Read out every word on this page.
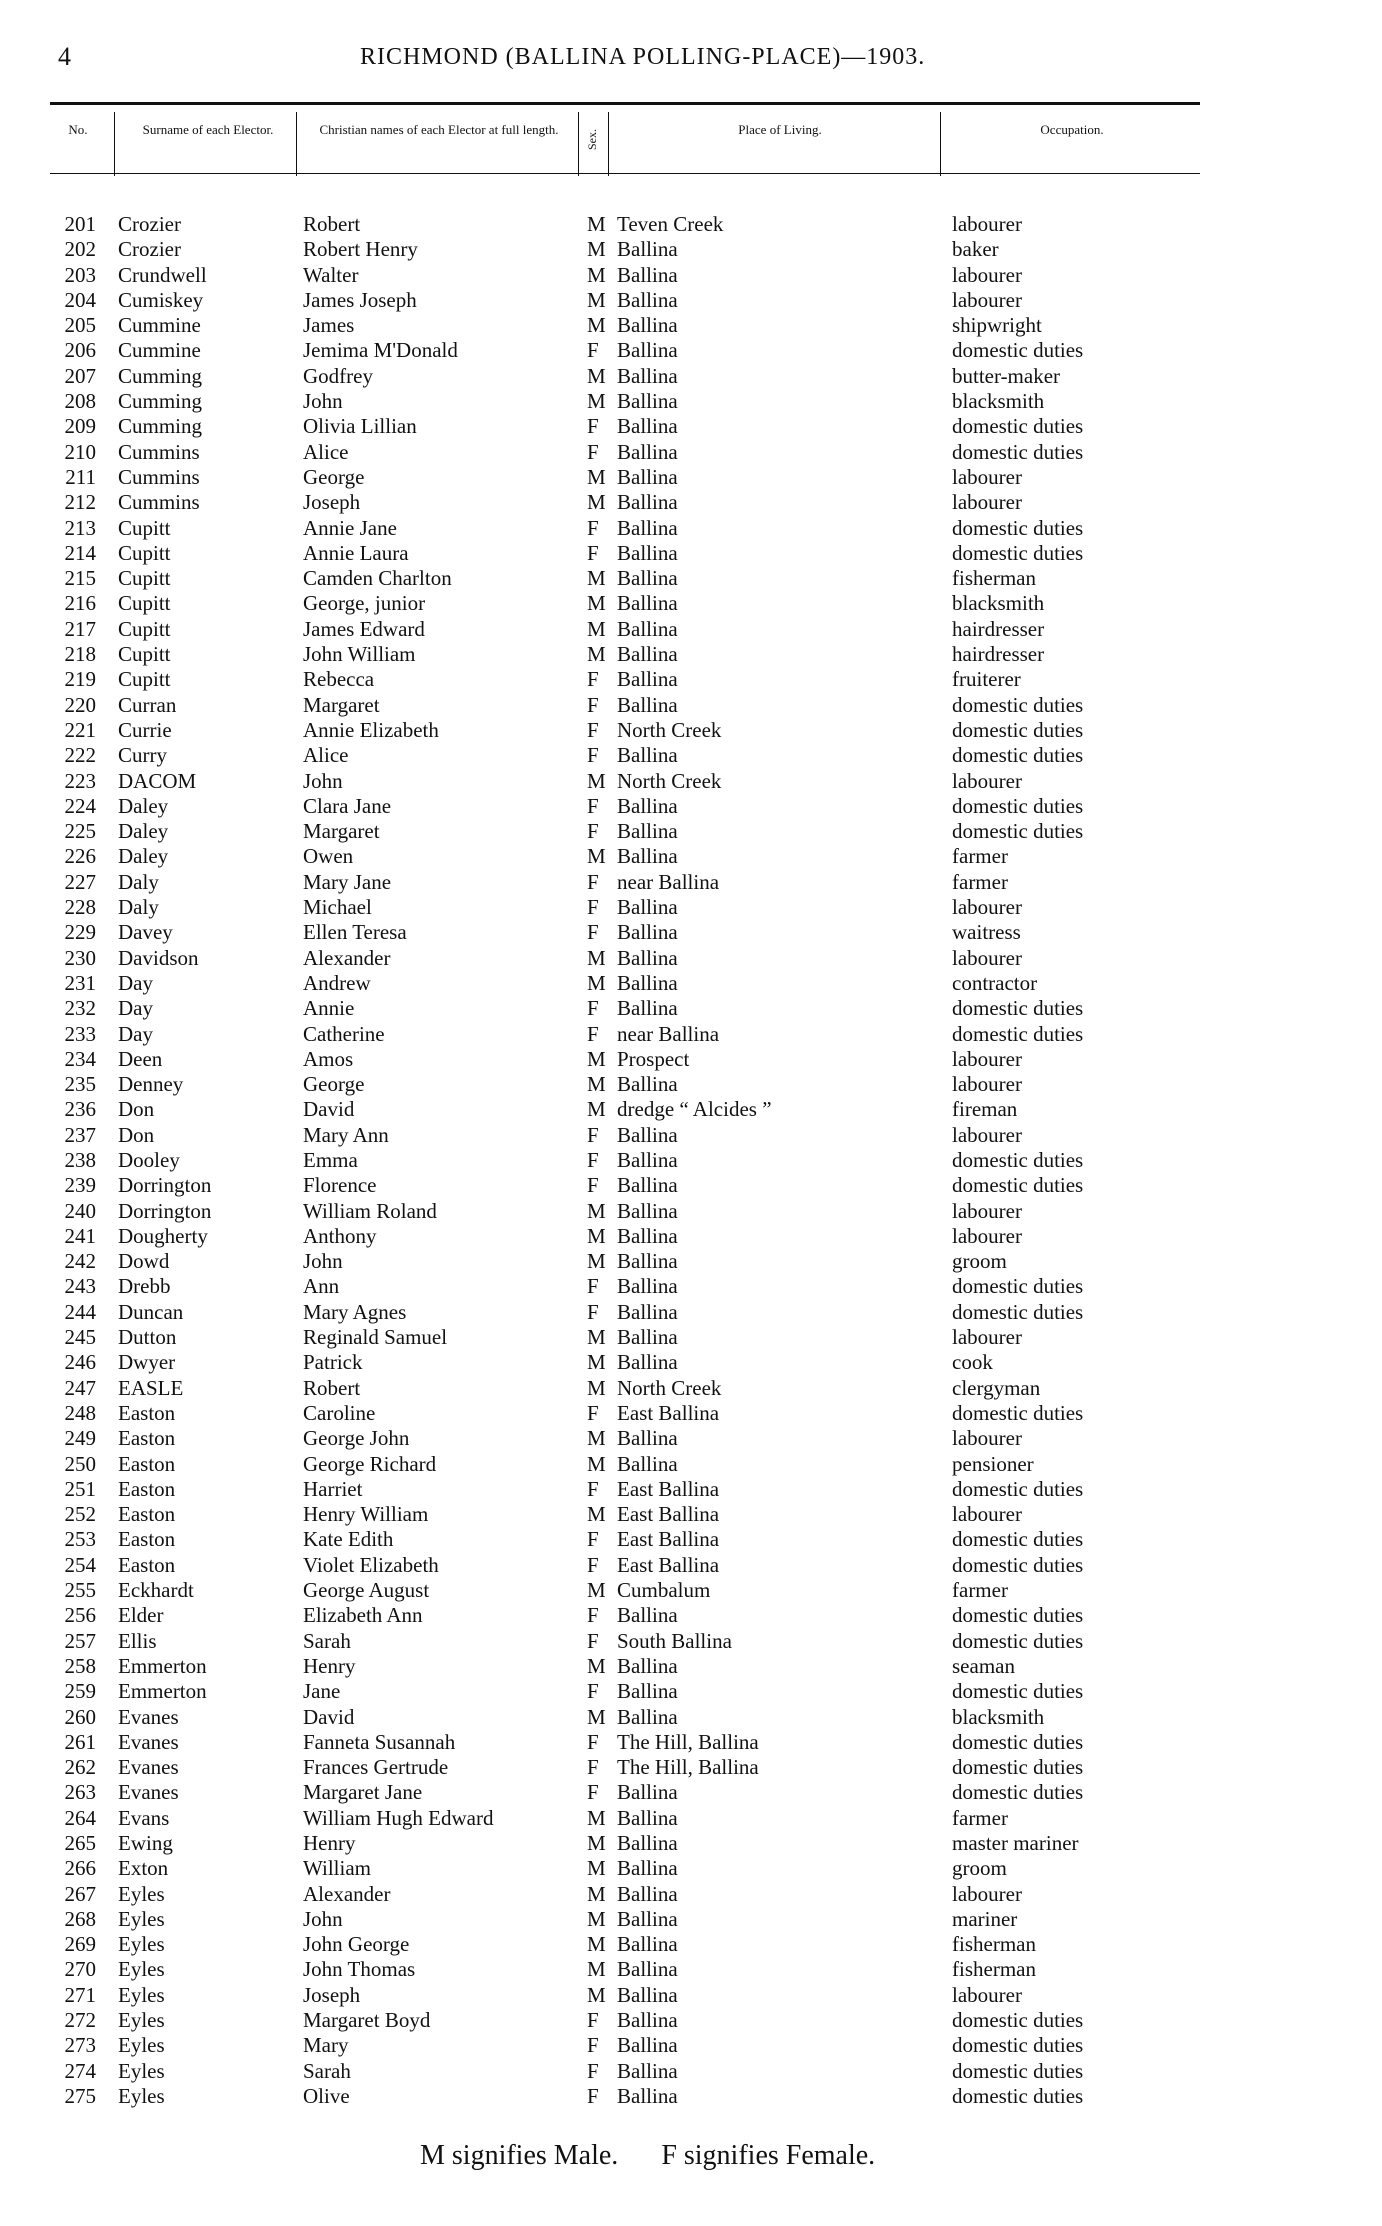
4	RICHMOND (BALLINA POLLING-PLACE)—1903.
No.	Surname of each Elector.	Christian names of each Elector at full length.	Sex.	Place of Living.	Occupation.
201 Crozier	Robert	M Teven Creek	labourer
202 Crozier	Robert Henry	M Ballina	baker
203 Crundwell	Walter	M Ballina	labourer
204 Cumiskey	James Joseph	M Ballina	labourer
205 Cummine	James	M Ballina	shipwright
206 Cummine	Jemima M'Donald	F Ballina	domestic duties
207 Cumming	Godfrey	M Ballina	butter-maker
208 Cumming	John	M Ballina	blacksmith
209 Cumming	Olivia Lillian	F Ballina	domestic duties
210 Cummins	Alice	F Ballina	domestic duties
211 Cummins	George	M Ballina	labourer
212 Cummins	Joseph	M Ballina	labourer
213 Cupitt	Annie Jane	F Ballina	domestic duties
214 Cupitt	Annie Laura	F Ballina	domestic duties
215 Cupitt	Camden Charlton	M Ballina	fisherman
216 Cupitt	George, junior	M Ballina	blacksmith
217 Cupitt	James Edward	M Ballina	hairdresser
218 Cupitt	John William	M Ballina	hairdresser
219 Cupitt	Rebecca	F Ballina	fruiterer
220 Curran	Margaret	F Ballina	domestic duties
221 Currie	Annie Elizabeth	F North Creek	domestic duties
222 Curry	Alice	F Ballina	domestic duties
223 DACOM	John	M North Creek	labourer
224 Daley	Clara Jane	F Ballina	domestic duties
225 Daley	Margaret	F Ballina	domestic duties
226 Daley	Owen	M Ballina	farmer
227 Daly	Mary Jane	F near Ballina	farmer
228 Daly	Michael	F Ballina	labourer
229 Davey	Ellen Teresa	F Ballina	waitress
230 Davidson	Alexander	M Ballina	labourer
231 Day	Andrew	M Ballina	contractor
232 Day	Annie	F Ballina	domestic duties
233 Day	Catherine	F near Ballina	domestic duties
234 Deen	Amos	M Prospect	labourer
235 Denney	George	M Ballina	labourer
236 Don	David	M dredge “ Alcides ”	fireman
237 Don	Mary Ann	F Ballina	labourer
238 Dooley	Emma	F Ballina	domestic duties
239 Dorrington	Florence	F Ballina	domestic duties
240 Dorrington	William Roland	M Ballina	labourer
241 Dougherty	Anthony	M Ballina	labourer
242 Dowd	John	M Ballina	groom
243 Drebb	Ann	F Ballina	domestic duties
244 Duncan	Mary Agnes	F Ballina	domestic duties
245 Dutton	Reginald Samuel	M Ballina	labourer
246 Dwyer	Patrick	M Ballina	cook
247 EASLE	Robert	M North Creek	clergyman
248 Easton	Caroline	F East Ballina	domestic duties
249 Easton	George John	M Ballina	labourer
250 Easton	George Richard	M Ballina	pensioner
251 Easton	Harriet	F East Ballina	domestic duties
252 Easton	Henry William	M East Ballina	labourer
253 Easton	Kate Edith	F East Ballina	domestic duties
254 Easton	Violet Elizabeth	F East Ballina	domestic duties
255 Eckhardt	George August	M Cumbalum	farmer
256 Elder	Elizabeth Ann	F Ballina	domestic duties
257 Ellis	Sarah	F South Ballina	domestic duties
258 Emmerton	Henry	M Ballina	seaman
259 Emmerton	Jane	F Ballina	domestic duties
260 Evanes	David	M Ballina	blacksmith
261 Evanes	Fanneta Susannah	F The Hill, Ballina	domestic duties
262 Evanes	Frances Gertrude	F The Hill, Ballina	domestic duties
263 Evanes	Margaret Jane	F Ballina	domestic duties
264 Evans	William Hugh Edward	M Ballina	farmer
265 Ewing	Henry	M Ballina	master mariner
266 Exton	William	M Ballina	groom
267 Eyles	Alexander	M Ballina	labourer
268 Eyles	John	M Ballina	mariner
269 Eyles	John George	M Ballina	fisherman
270 Eyles	John Thomas	M Ballina	fisherman
271 Eyles	Joseph	M Ballina	labourer
272 Eyles	Margaret Boyd	F Ballina	domestic duties
273 Eyles	Mary	F Ballina	domestic duties
274 Eyles	Sarah	F Ballina	domestic duties
275 Eyles	Olive	F Ballina	domestic duties
M signifies Male. F signifies Female.
